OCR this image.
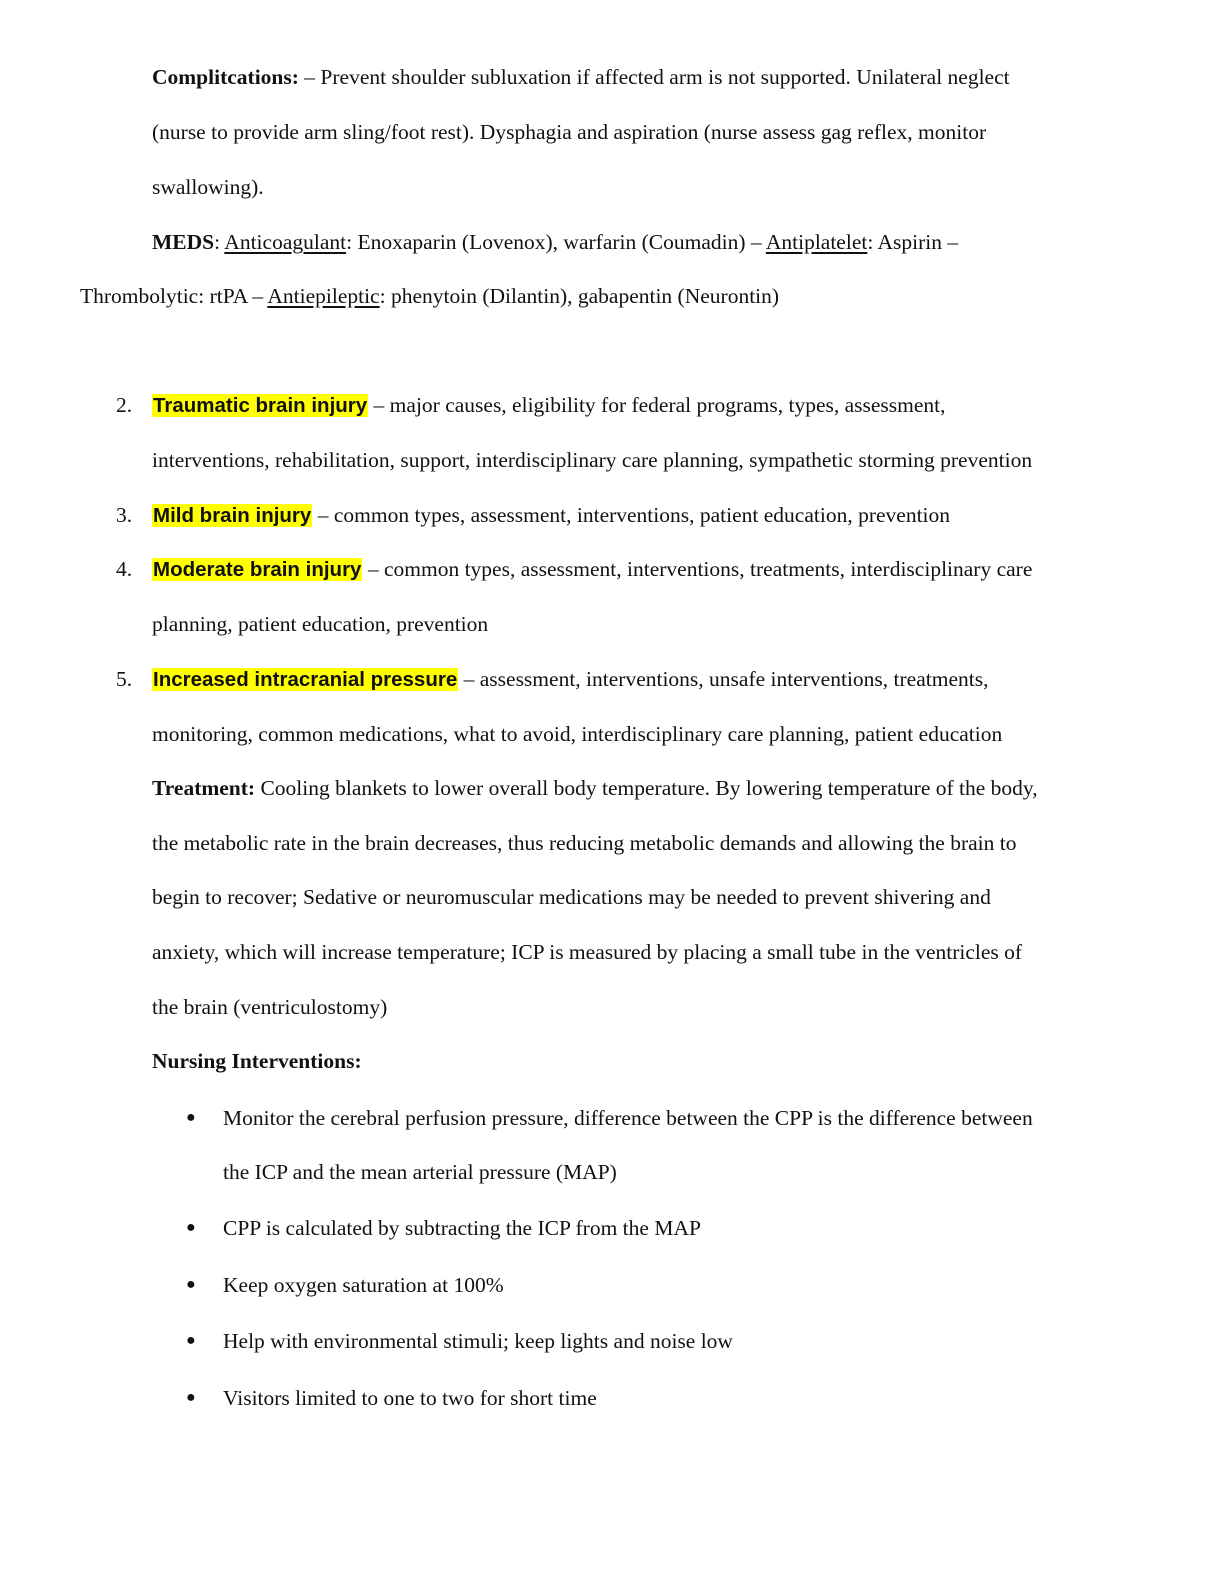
Complitcations: – Prevent shoulder subluxation if affected arm is not supported. Unilateral neglect
(nurse to provide arm sling/foot rest). Dysphagia and aspiration (nurse assess gag reflex, monitor
swallowing).
MEDS: Anticoagulant: Enoxaparin (Lovenox), warfarin (Coumadin) – Antiplatelet: Aspirin –
Thrombolytic: rtPA – Antiepileptic: phenytoin (Dilantin), gabapentin (Neurontin)
2. Traumatic brain injury – major causes, eligibility for federal programs, types, assessment,
interventions, rehabilitation, support, interdisciplinary care planning, sympathetic storming prevention
3. Mild brain injury – common types, assessment, interventions, patient education, prevention
4. Moderate brain injury – common types, assessment, interventions, treatments, interdisciplinary care
planning, patient education, prevention
5. Increased intracranial pressure – assessment, interventions, unsafe interventions, treatments,
monitoring, common medications, what to avoid, interdisciplinary care planning, patient education
Treatment: Cooling blankets to lower overall body temperature. By lowering temperature of the body,
the metabolic rate in the brain decreases, thus reducing metabolic demands and allowing the brain to
begin to recover; Sedative or neuromuscular medications may be needed to prevent shivering and
anxiety, which will increase temperature; ICP is measured by placing a small tube in the ventricles of
the brain (ventriculostomy)
Nursing Interventions:
● Monitor the cerebral perfusion pressure, difference between the CPP is the difference between
the ICP and the mean arterial pressure (MAP)
● CPP is calculated by subtracting the ICP from the MAP
● Keep oxygen saturation at 100%
● Help with environmental stimuli; keep lights and noise low
● Visitors limited to one to two for short time
